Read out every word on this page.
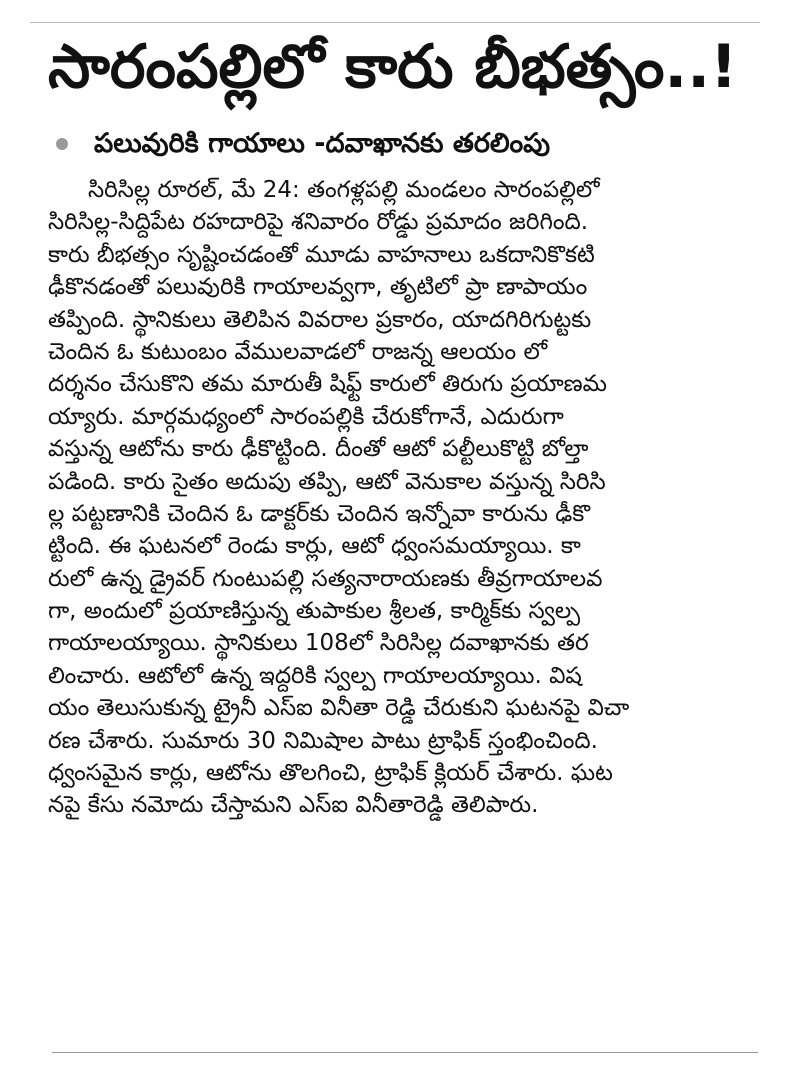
సారంపల్లిలో కారు బీభత్సం..!
పలువురికి గాయాలు -దవాఖానకు తరలింపు
సిరిసిల్ల రూరల్, మే 24: తంగళ్లపల్లి మండలం సారంపల్లిలో
సిరిసిల్ల-సిద్దిపేట రహదారిపై శనివారం రోడ్డు ప్రమాదం జరిగింది.
కారు బీభత్సం సృష్టించడంతో మూడు వాహనాలు ఒకదానికొకటి
ఢీకొనడంతో పలువురికి గాయాలవ్వగా, తృటిలో ప్రా ణాపాయం
తప్పింది. స్థానికులు తెలిపిన వివరాల ప్రకారం, యాదగిరిగుట్టకు
చెందిన ఓ కుటుంబం వేములవాడలో రాజన్న ఆలయం లో
దర్శనం చేసుకొని తమ మారుతీ షిఫ్ట్ కారులో తిరుగు ప్రయాణమ
య్యారు. మార్గమధ్యంలో సారంపల్లికి చేరుకోగానే, ఎదురుగా
వస్తున్న ఆటోను కారు ఢీకొట్టింది. దీంతో ఆటో పల్టీలుకొట్టి బోల్తా
పడింది. కారు సైతం అదుపు తప్పి, ఆటో వెనుకాల వస్తున్న సిరిసి
ల్ల పట్టణానికి చెందిన ఓ డాక్టర్‌కు చెందిన ఇన్నోవా కారును ఢీకొ
ట్టింది. ఈ ఘటనలో రెండు కార్లు, ఆటో ధ్వంసమయ్యాయి. కా
రులో ఉన్న డ్రైవర్ గుంటుపల్లి సత్యనారాయణకు తీవ్రగాయాలవ
గా, అందులో ప్రయాణిస్తున్న తుపాకుల శ్రీలత, కార్మిక్‌కు స్వల్ప
గాయాలయ్యాయి. స్థానికులు 108లో సిరిసిల్ల దవాఖానకు తర
లించారు. ఆటోలో ఉన్న ఇద్దరికి స్వల్ప గాయాలయ్యాయి. విష
యం తెలుసుకున్న ట్రైనీ ఎస్ఐ వినీతా రెడ్డి చేరుకుని ఘటనపై విచా
రణ చేశారు. సుమారు 30 నిమిషాల పాటు ట్రాఫిక్ స్తంభించింది.
ధ్వంసమైన కార్లు, ఆటోను తొలగించి, ట్రాఫిక్ క్లియర్ చేశారు. ఘట
నపై కేసు నమోదు చేస్తామని ఎస్ఐ వినీతారెడ్డి తెలిపారు.
